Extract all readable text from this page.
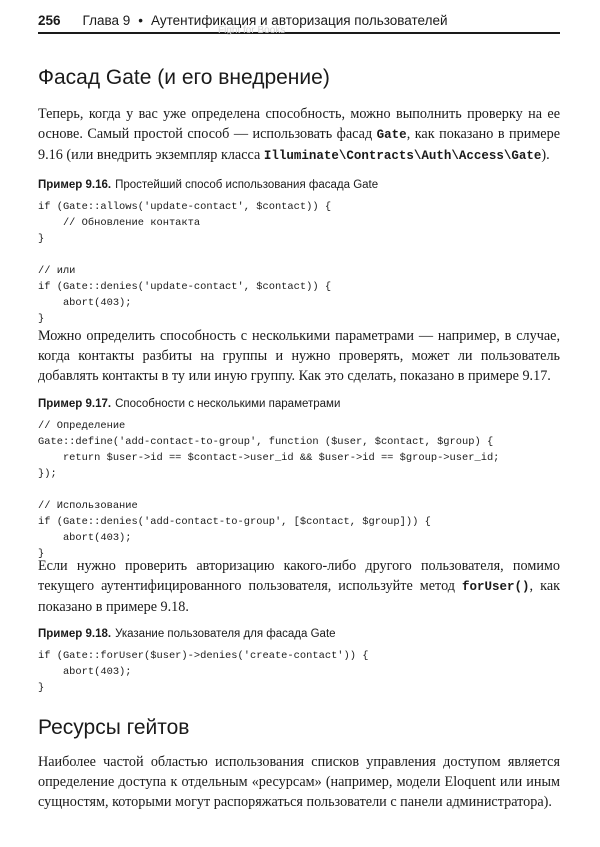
256 Глава 9 • Аутентификация и авторизация пользователей
Fight for Books
Фасад Gate (и его внедрение)

Теперь, когда у вас уже определена способность, можно выполнить проверку на ее основе. Самый простой способ — использовать фасад Gate, как показано в примере 9.16 (или внедрить экземпляр класса Illuminate\Contracts\Auth\Access\Gate).

Пример 9.16. Простейший способ использования фасада Gate

if (Gate::allows('update-contact', $contact)) {
// Обновление контакта
}

// или
if (Gate::denies('update-contact', $contact)) {
abort(403);
}

Можно определить способность с несколькими параметрами — например, в случае, когда контакты разбиты на группы и нужно проверять, может ли пользователь добавлять контакты в ту или иную группу. Как это сделать, показано в примере 9.17.

Пример 9.17. Способности с несколькими параметрами

// Определение
Gate::define('add-contact-to-group', function ($user, $contact, $group) {
return $user->id == $contact->user_id && $user->id == $group->user_id;
});

// Использование
if (Gate::denies('add-contact-to-group', [$contact, $group])) {
abort(403);
}

Если нужно проверить авторизацию какого-либо другого пользователя, помимо текущего аутентифицированного пользователя, используйте метод forUser(), как показано в примере 9.18.

Пример 9.18. Указание пользователя для фасада Gate

if (Gate::forUser($user)->denies('create-contact')) {
abort(403);
}
Ресурсы гейтов

Наиболее частой областью использования списков управления доступом является определение доступа к отдельным «ресурсам» (например, модели Eloquent или иным сущностям, которыми могут распоряжаться пользователи с панели администратора).
